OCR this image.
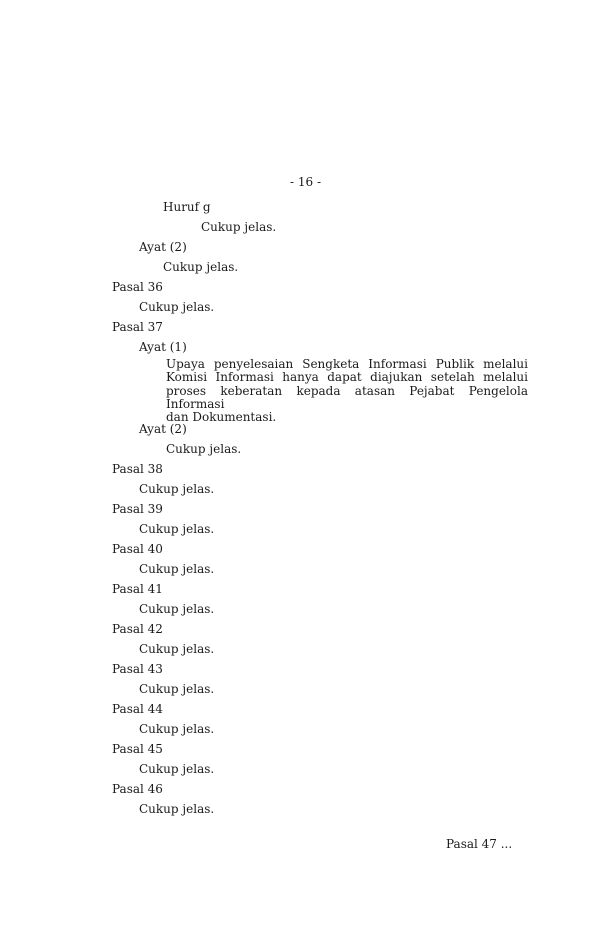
- 16 -
Huruf g
Cukup jelas.
Ayat (2)
Cukup jelas.
Pasal 36
Cukup jelas.
Pasal 37
Ayat (1)
Upaya penyelesaian Sengketa Informasi Publik melalui
Komisi Informasi hanya dapat diajukan setelah melalui
proses keberatan kepada atasan Pejabat Pengelola Informasi
dan Dokumentasi.
Ayat (2)
Cukup jelas.
Pasal 38
Cukup jelas.
Pasal 39
Cukup jelas.
Pasal 40
Cukup jelas.
Pasal 41
Cukup jelas.
Pasal 42
Cukup jelas.
Pasal 43
Cukup jelas.
Pasal 44
Cukup jelas.
Pasal 45
Cukup jelas.
Pasal 46
Cukup jelas.
Pasal 47 ...
